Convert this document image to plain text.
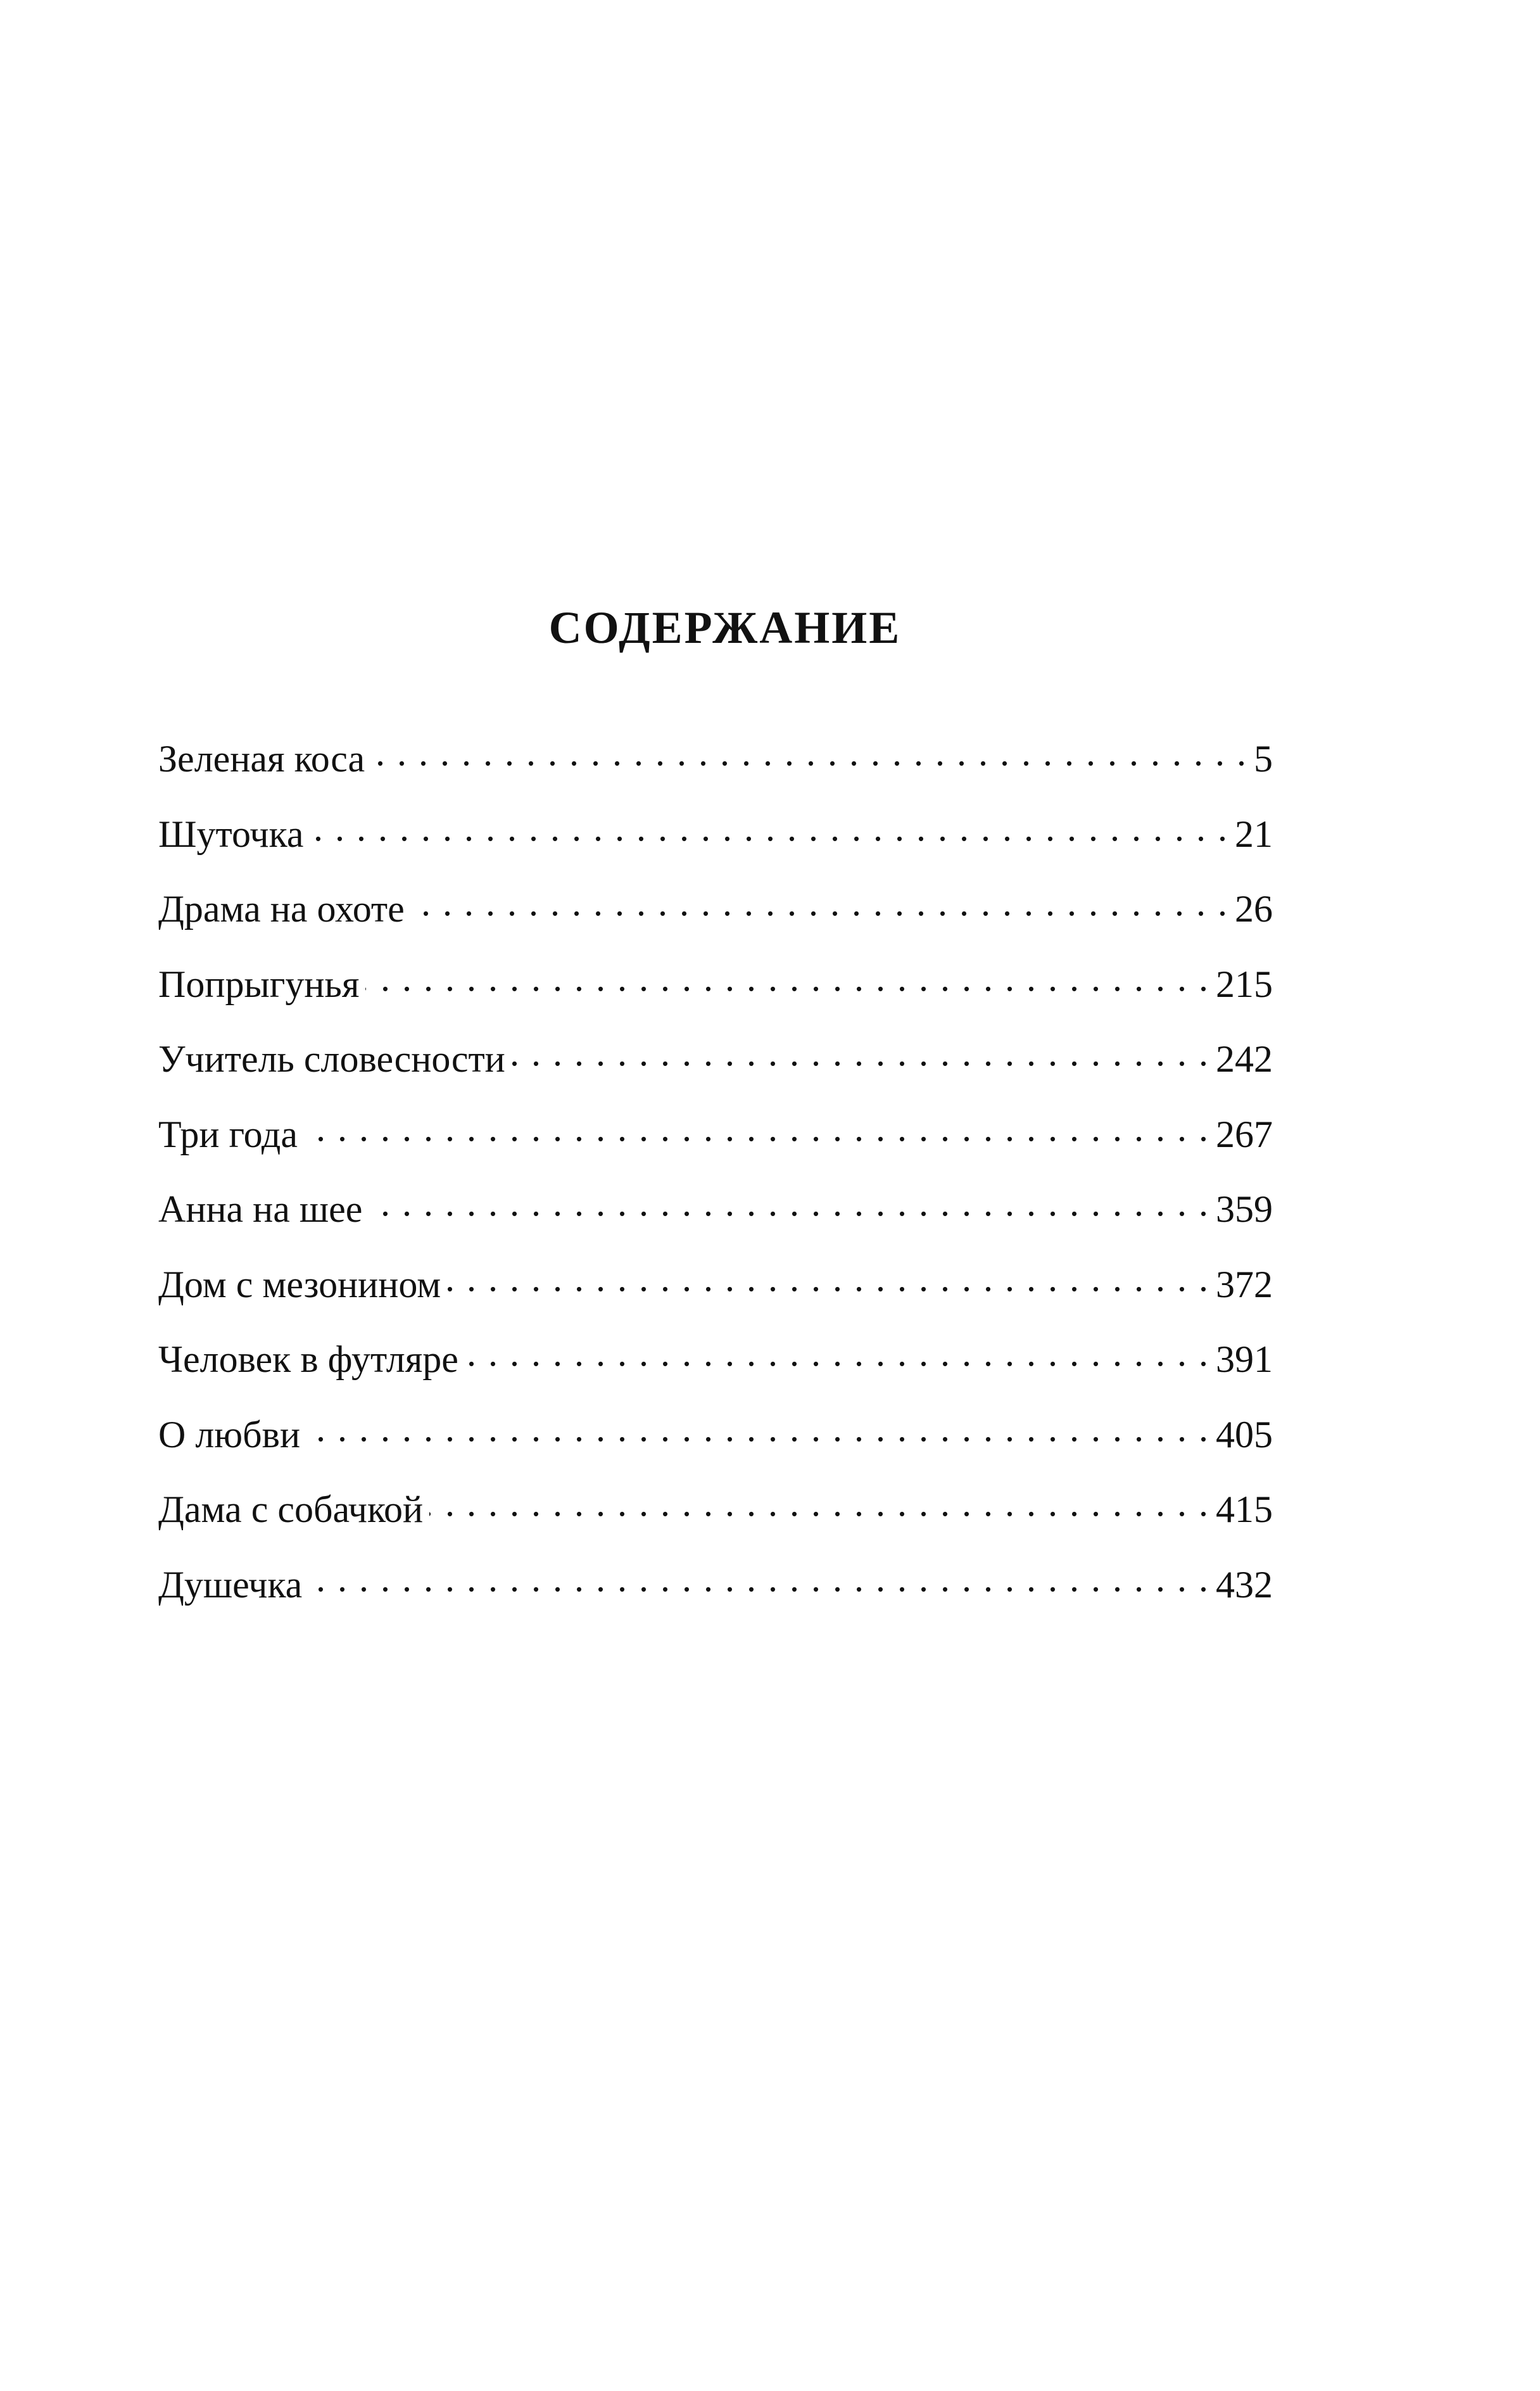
СОДЕРЖАНИЕ
Зеленая коса . . .	5
Шуточка . . .	21
Драма на охоте . . .	26
Попрыгунья . . .	215
Учитель словесности . . .	242
Три года . . .	267
Анна на шее . . .	359
Дом с мезонином . . .	372
Человек в футляре . . .	391
О любви . . .	405
Дама с собачкой . . .	415
Душечка . . .	432
